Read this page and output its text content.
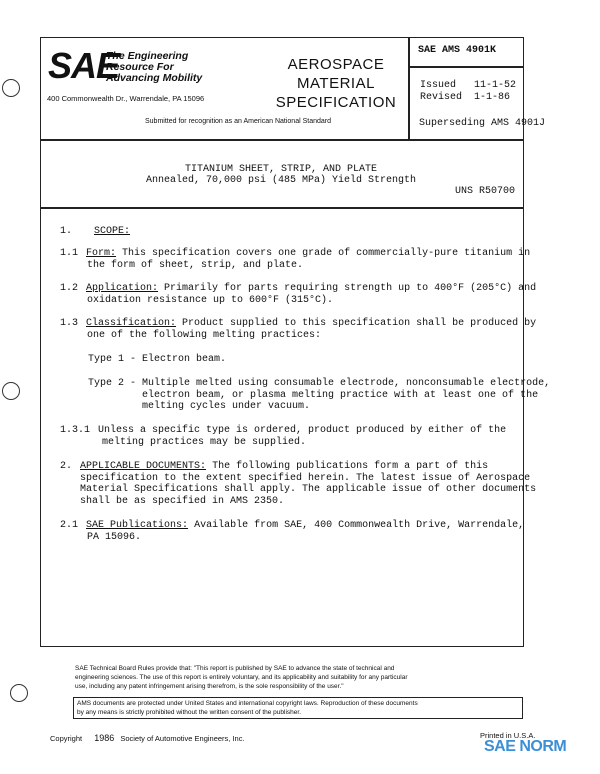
SAE
The Engineering
Resource For
Advancing Mobility
400 Commonwealth Dr., Warrendale, PA 15096
AEROSPACE
MATERIAL
SPECIFICATION
Submitted for recognition as an American National Standard
SAE AMS 4901K
Issued 11-1-52
Revised 1-1-86
Superseding AMS 4901J
TITANIUM SHEET, STRIP, AND PLATE
Annealed, 70,000 psi (485 MPa) Yield Strength
UNS R50700
1. SCOPE:
1.1 Form: This specification covers one grade of commercially-pure titanium in
the form of sheet, strip, and plate.
1.2 Application: Primarily for parts requiring strength up to 400°F (205°C) and
oxidation resistance up to 600°F (315°C).
1.3 Classification: Product supplied to this specification shall be produced by
one of the following melting practices:
Type 1 - Electron beam.
Type 2 - Multiple melted using consumable electrode, nonconsumable electrode,
electron beam, or plasma melting practice with at least one of the
melting cycles under vacuum.
1.3.1 Unless a specific type is ordered, product produced by either of the
melting practices may be supplied.
2. APPLICABLE DOCUMENTS: The following publications form a part of this
specification to the extent specified herein. The latest issue of Aerospace
Material Specifications shall apply. The applicable issue of other documents
shall be as specified in AMS 2350.
2.1 SAE Publications: Available from SAE, 400 Commonwealth Drive, Warrendale,
PA 15096.
SAE Technical Board Rules provide that: "This report is published by SAE to advance the state of technical and
engineering sciences. The use of this report is entirely voluntary, and its applicability and suitability for any particular
use, including any patent infringement arising therefrom, is the sole responsibility of the user."
AMS documents are protected under United States and international copyright laws. Reproduction of these documents
by any means is strictly prohibited without the written consent of the publisher.
Copyright 1986 Society of Automotive Engineers, Inc.	Printed in U.S.A.
SAE NORM
